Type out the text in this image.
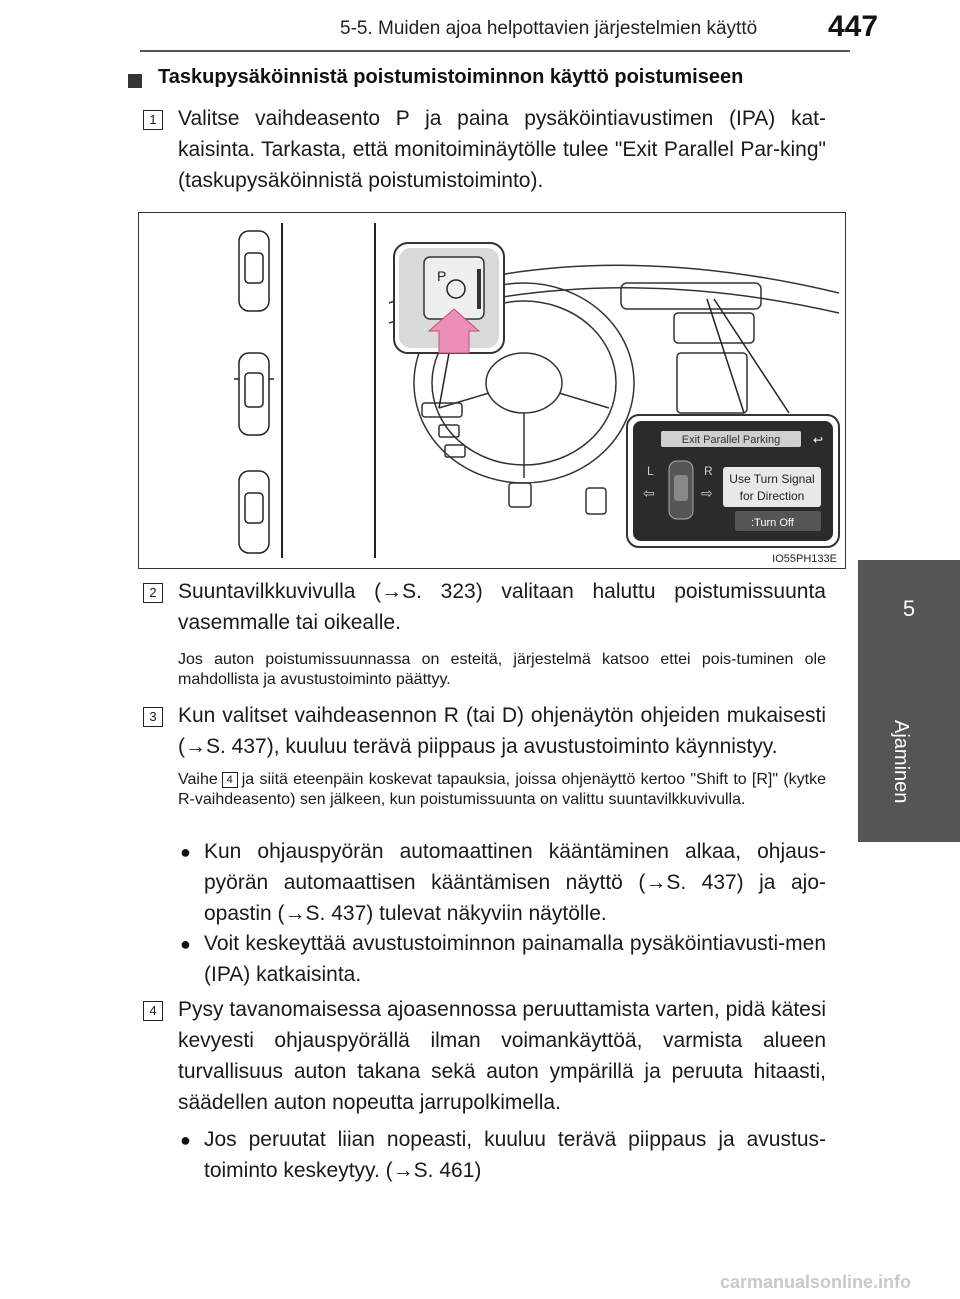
5-5. Muiden ajoa helpottavien järjestelmien käyttö 447
5
Ajaminen
Taskupysäköinnistä poistumistoiminnon käyttö poistumiseen
1	Valitse vaihdeasento P ja paina pysäköintiavustimen (IPA) kat-kaisinta. Tarkasta, että monitoiminäytölle tulee "Exit Parallel Par-king" (taskupysäköinnistä poistumistoiminto).
P
Exit Parallel Parking	↩
L	R
⇦	⇨
Use Turn Signal
for Direction
:Turn Off
IO55PH133E
2	Suuntavilkkuvivulla (→S. 323) valitaan haluttu poistumissuunta vasemmalle tai oikealle.
Jos auton poistumissuunnassa on esteitä, järjestelmä katsoo ettei pois-tuminen ole mahdollista ja avustustoiminto päättyy.
3	Kun valitset vaihdeasennon R (tai D) ohjenäytön ohjeiden mukaisesti (→S. 437), kuuluu terävä piippaus ja avustustoiminto käynnistyy.
Vaihe 4 ja siitä eteenpäin koskevat tapauksia, joissa ohjenäyttö kertoo "Shift to [R]" (kytke R-vaihdeasento) sen jälkeen, kun poistumissuunta on valittu suuntavilkkuvivulla.
● Kun ohjauspyörän automaattinen kääntäminen alkaa, ohjaus-pyörän automaattisen kääntämisen näyttö (→S. 437) ja ajo-opastin (→S. 437) tulevat näkyviin näytölle.
● Voit keskeyttää avustustoiminnon painamalla pysäköintiavusti-men (IPA) katkaisinta.
4	Pysy tavanomaisessa ajoasennossa peruuttamista varten, pidä kätesi kevyesti ohjauspyörällä ilman voimankäyttöä, varmista alueen turvallisuus auton takana sekä auton ympärillä ja peruuta hitaasti, säädellen auton nopeutta jarrupolkimella.
● Jos peruutat liian nopeasti, kuuluu terävä piippaus ja avustus-toiminto keskeytyy. (→S. 461)
carmanualsonline.info
